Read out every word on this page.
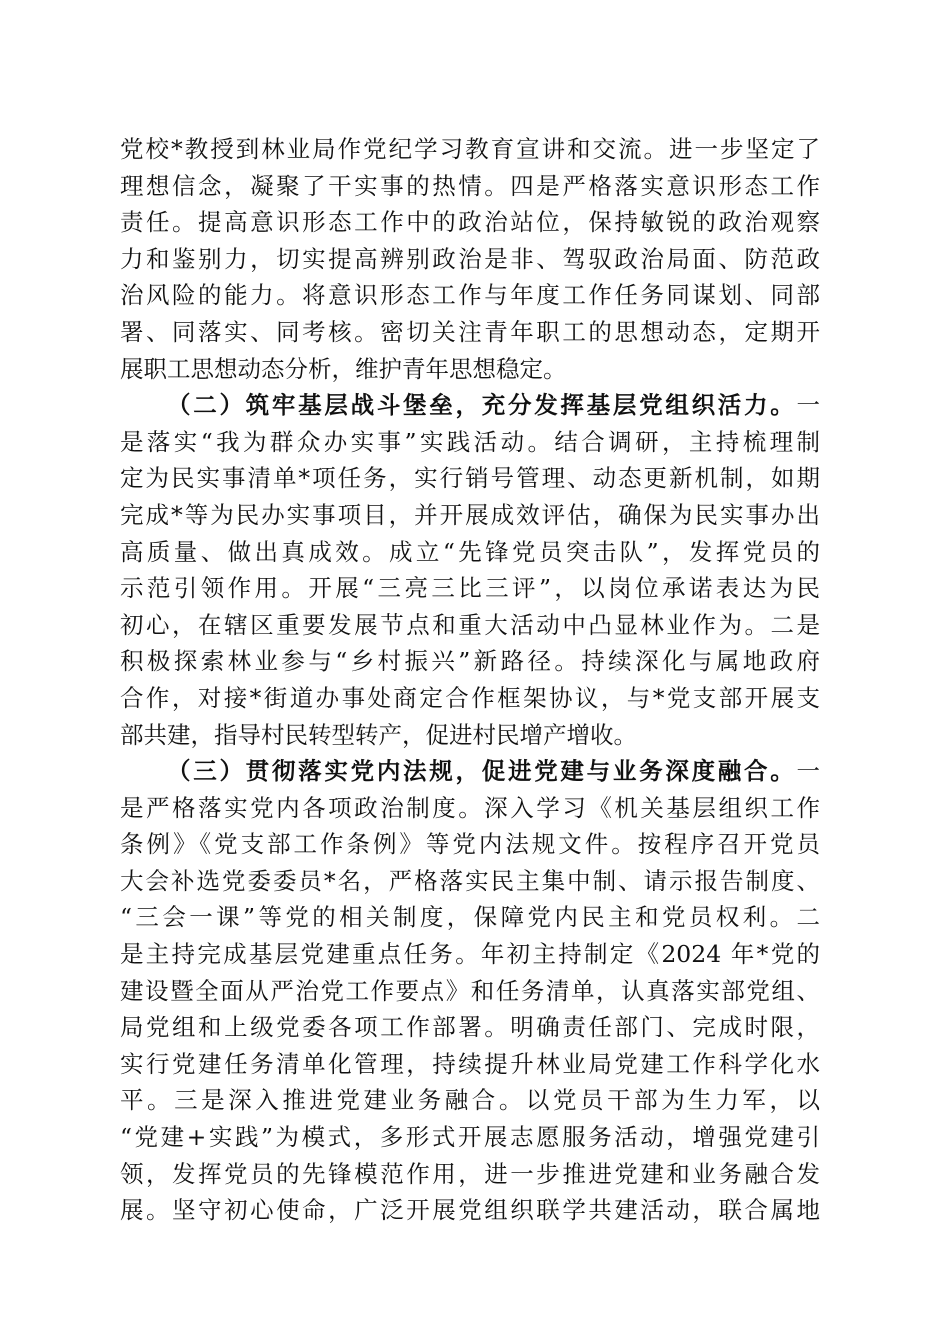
党校*教授到林业局作党纪学习教育宣讲和交流。进一步坚定了
理想信念，凝聚了干实事的热情。四是严格落实意识形态工作
责任。提高意识形态工作中的政治站位，保持敏锐的政治观察
力和鉴别力，切实提高辨别政治是非、驾驭政治局面、防范政
治风险的能力。将意识形态工作与年度工作任务同谋划、同部
署、同落实、同考核。密切关注青年职工的思想动态，定期开
展职工思想动态分析，维护青年思想稳定。
（二）筑牢基层战斗堡垒，充分发挥基层党组织活力。一
是落实“我为群众办实事”实践活动。结合调研，主持梳理制
定为民实事清单*项任务，实行销号管理、动态更新机制，如期
完成*等为民办实事项目，并开展成效评估，确保为民实事办出
高质量、做出真成效。成立“先锋党员突击队”，发挥党员的
示范引领作用。开展“三亮三比三评”，以岗位承诺表达为民
初心，在辖区重要发展节点和重大活动中凸显林业作为。二是
积极探索林业参与“乡村振兴”新路径。持续深化与属地政府
合作，对接*街道办事处商定合作框架协议，与*党支部开展支
部共建，指导村民转型转产，促进村民增产增收。
（三）贯彻落实党内法规，促进党建与业务深度融合。一
是严格落实党内各项政治制度。深入学习《机关基层组织工作
条例》《党支部工作条例》等党内法规文件。按程序召开党员
大会补选党委委员*名，严格落实民主集中制、请示报告制度、
“三会一课”等党的相关制度，保障党内民主和党员权利。二
是主持完成基层党建重点任务。年初主持制定《2024 年*党的
建设暨全面从严治党工作要点》和任务清单，认真落实部党组、
局党组和上级党委各项工作部署。明确责任部门、完成时限，
实行党建任务清单化管理，持续提升林业局党建工作科学化水
平。三是深入推进党建业务融合。以党员干部为生力军，以
“党建+实践”为模式，多形式开展志愿服务活动，增强党建引
领，发挥党员的先锋模范作用，进一步推进党建和业务融合发
展。坚守初心使命，广泛开展党组织联学共建活动，联合属地
